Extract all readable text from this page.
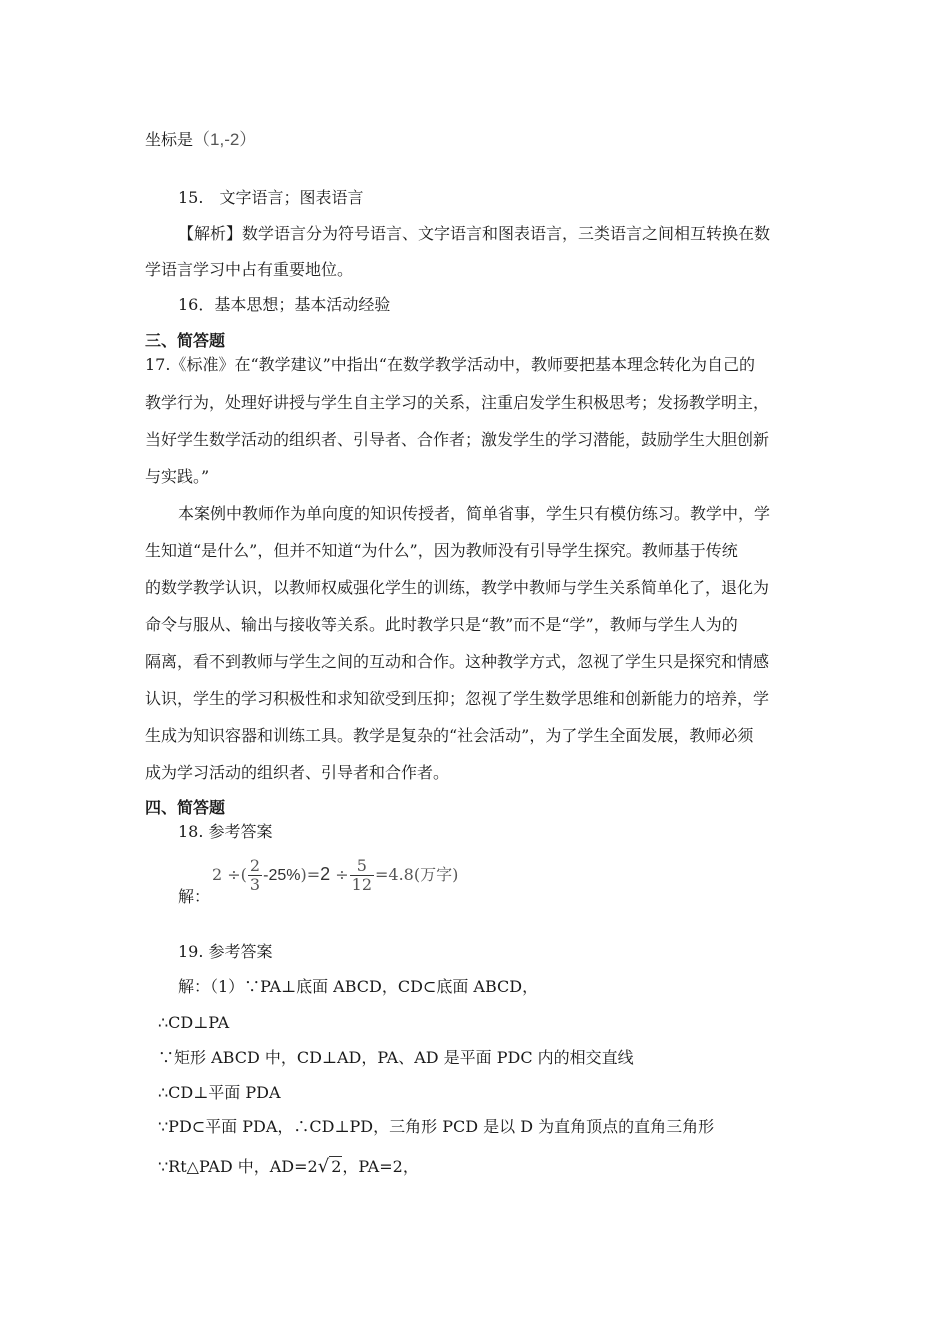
坐标是（1,-2）
15.　文字语言；图表语言
【解析】数学语言分为符号语言、文字语言和图表语言，三类语言之间相互转换在数
学语言学习中占有重要地位。
16．基本思想；基本活动经验
三、简答题
17.《标准》在“教学建议”中指出“在数学教学活动中，教师要把基本理念转化为自己的
教学行为，处理好讲授与学生自主学习的关系，注重启发学生积极思考；发扬教学明主，
当好学生数学活动的组织者、引导者、合作者；激发学生的学习潜能，鼓励学生大胆创新
与实践。”
本案例中教师作为单向度的知识传授者，简单省事，学生只有模仿练习。教学中，学
生知道“是什么”，但并不知道“为什么”，因为教师没有引导学生探究。教师基于传统
的数学教学认识，以教师权威强化学生的训练，教学中教师与学生关系简单化了，退化为
命令与服从、输出与接收等关系。此时教学只是“教”而不是“学”，教师与学生人为的
隔离，看不到教师与学生之间的互动和合作。这种教学方式，忽视了学生只是探究和情感
认识，学生的学习积极性和求知欲受到压抑；忽视了学生数学思维和创新能力的培养，学
生成为知识容器和训练工具。教学是复杂的“社会活动”，为了学生全面发展，教师必须
成为学习活动的组织者、引导者和合作者。
四、简答题
18. 参考答案
解：
2 ÷( $\frac{2}{3} -25\%)=2 \div \frac{5}{12} =4.8$(万字)
19. 参考答案
解：（1）∵PA⊥底面 ABCD，CD⊂底面 ABCD，
∴CD⊥PA
∵矩形 ABCD 中，CD⊥AD，PA、AD 是平面 PDC 内的相交直线
∴CD⊥平面 PDA
∵PD⊂平面 PDA，∴CD⊥PD，三角形 PCD 是以 D 为直角顶点的直角三角形
∵Rt△PAD 中，AD=2√ 2，PA=2，
